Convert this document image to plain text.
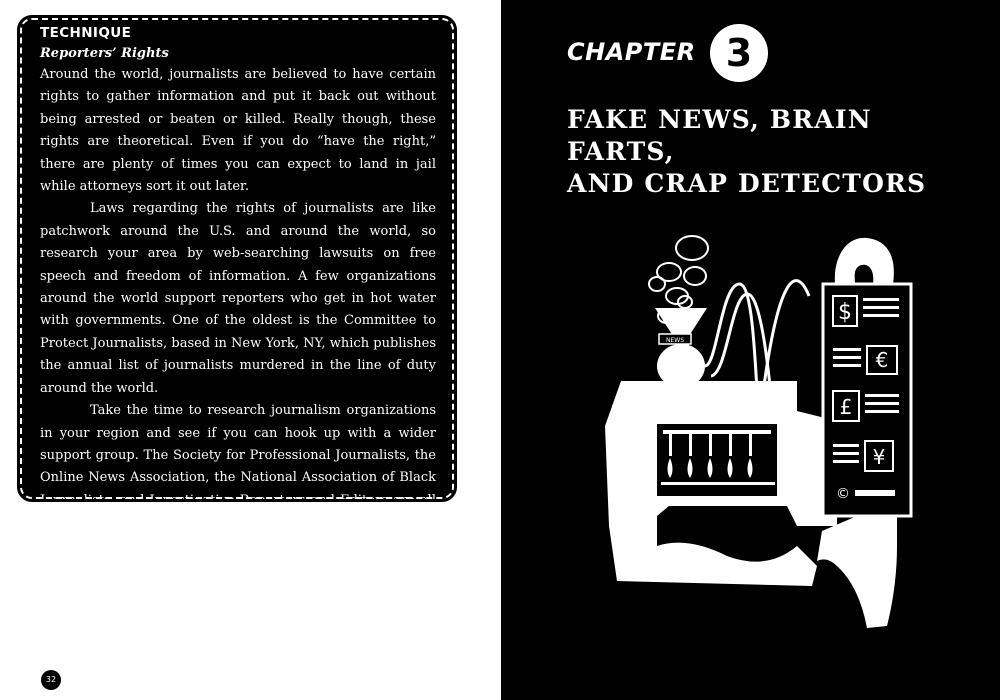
TECHNIQUE

Reporters’ Rights

Around the world, journalists are believed to have certain rights to gather information and put it back out without being arrested or beaten or killed. Really though, these rights are theoretical. Even if you do “have the right,” there are plenty of times you can expect to land in jail while attorneys sort it out later.

Laws regarding the rights of journalists are like patchwork around the U.S. and around the world, so research your area by web-searching lawsuits on free speech and freedom of information. A few organizations around the world support reporters who get in hot water with governments. One of the oldest is the Committee to Protect Journalists, based in New York, NY, which publishes the annual list of journalists murdered in the line of duty around the world.

Take the time to research journalism organizations in your region and see if you can hook up with a wider support group. The Society for Professional Journalists, the Online News Association, the National Association of Black Journalists, and Investigative Reporters and Editors are all longtime organizations that might give you support you need in journalistic tangles. Look them up.

32
CHAPTER 3
FAKE NEWS, BRAIN FARTS,
AND CRAP DETECTORS
NEWS
$
€
£
¥
©
